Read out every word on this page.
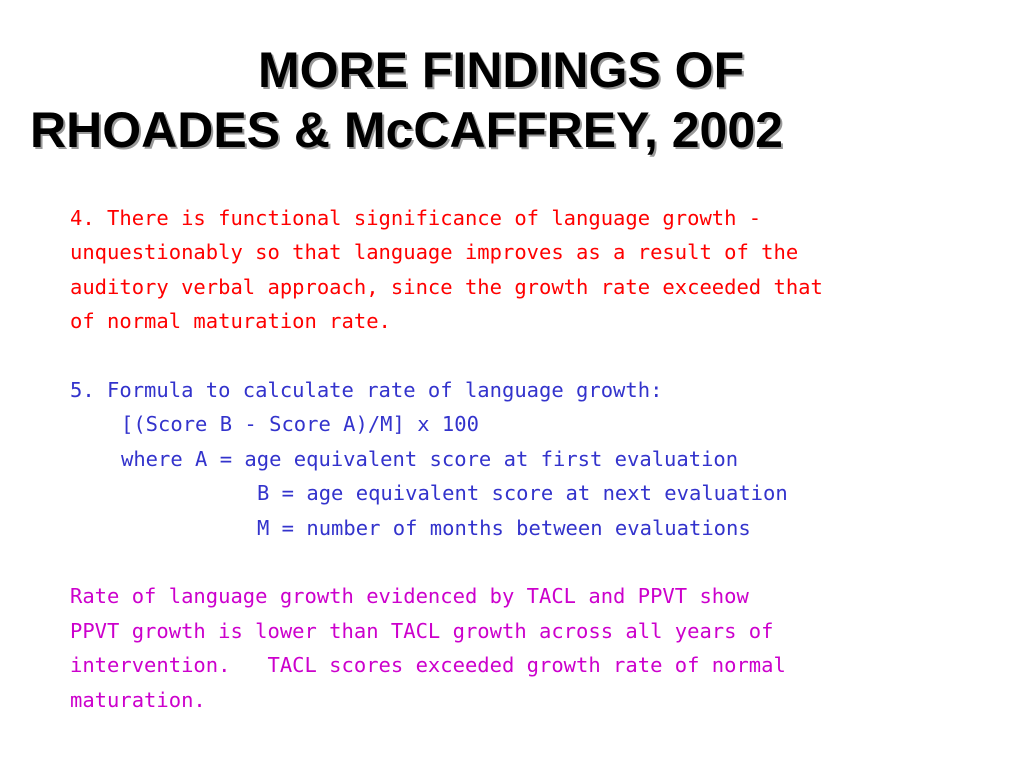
MORE FINDINGS OF
RHOADES & McCAFFREY, 2002

4. There is functional significance of language growth -

unquestionably so that language improves as a result of the

auditory verbal approach, since the growth rate exceeded that

of normal maturation rate.

5. Formula to calculate rate of language growth:

[(Score B - Score A)/M] x 100

where A = age equivalent score at first evaluation

B = age equivalent score at next evaluation

M = number of months between evaluations

Rate of language growth evidenced by TACL and PPVT show

PPVT growth is lower than TACL growth across all years of

intervention.   TACL scores exceeded growth rate of normal

maturation.
